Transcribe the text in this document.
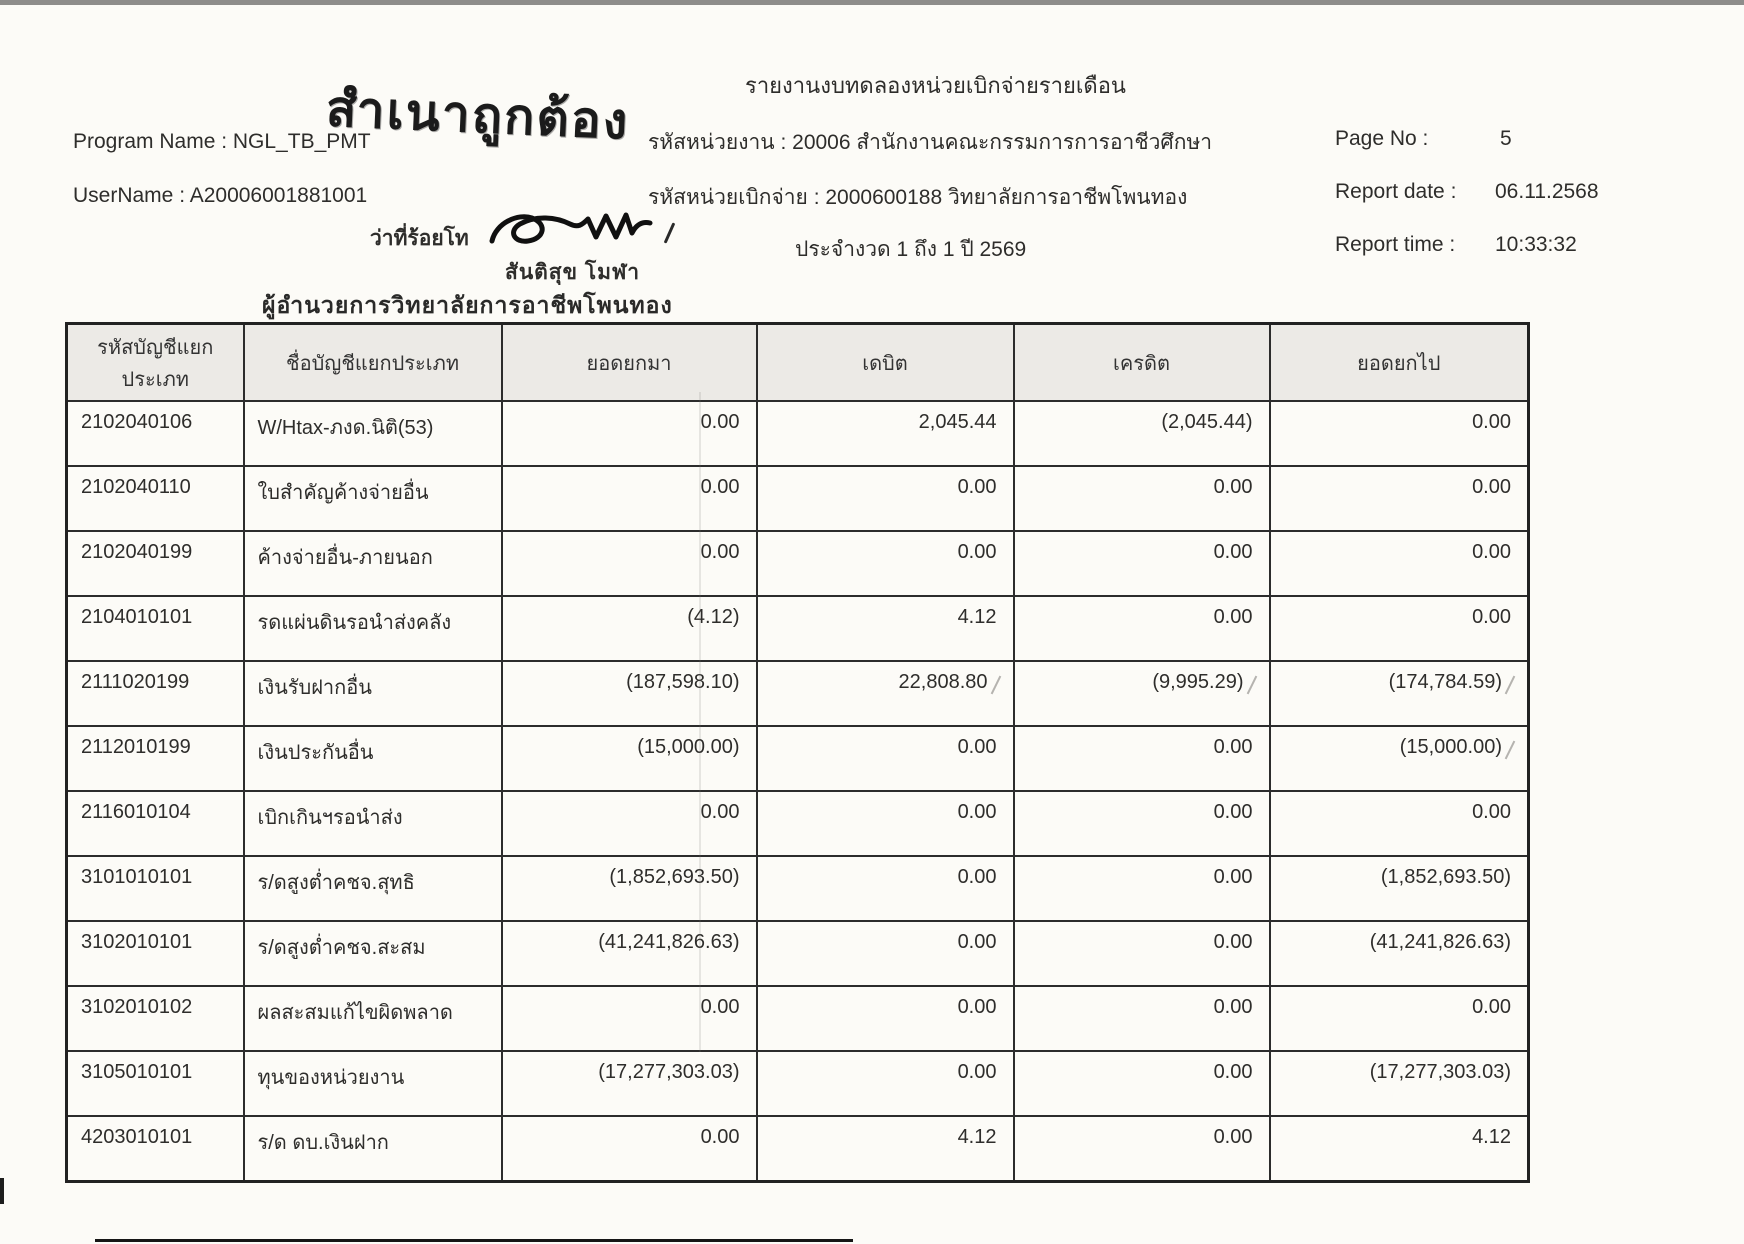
รายงานงบทดลองหน่วยเบิกจ่ายรายเดือน
สำเนาถูกต้อง
Program Name : NGL_TB_PMT
UserName : A20006001881001
รหัสหน่วยงาน : 20006 สำนักงานคณะกรรมการการอาชีวศึกษา
รหัสหน่วยเบิกจ่าย : 2000600188 วิทยาลัยการอาชีพโพนทอง
ประจำงวด 1 ถึง 1 ปี 2569
Page No :	5
Report date : 06.11.2568
Report time : 10:33:32
ว่าที่ร้อยโท
สันติสุข โมฬา
ผู้อำนวยการวิทยาลัยการอาชีพโพนทอง
รหัสบัญชีแยกประเภท	ชื่อบัญชีแยกประเภท	ยอดยกมา	เดบิต	เครดิต	ยอดยกไป
2102040106	W/Htax-ภงด.นิติ(53)	0.00	2,045.44	(2,045.44)	0.00
2102040110	ใบสำคัญค้างจ่ายอื่น	0.00	0.00	0.00	0.00
2102040199	ค้างจ่ายอื่น-ภายนอก	0.00	0.00	0.00	0.00
2104010101	รดแผ่นดินรอนำส่งคลัง	(4.12)	4.12	0.00	0.00
2111020199	เงินรับฝากอื่น	(187,598.10)	22,808.80	(9,995.29)	(174,784.59)
2112010199	เงินประกันอื่น	(15,000.00)	0.00	0.00	(15,000.00)
2116010104	เบิกเกินฯรอนำส่ง	0.00	0.00	0.00	0.00
3101010101	ร/ดสูงต่ำคชจ.สุทธิ	(1,852,693.50)	0.00	0.00	(1,852,693.50)
3102010101	ร/ดสูงต่ำคชจ.สะสม	(41,241,826.63)	0.00	0.00	(41,241,826.63)
3102010102	ผลสะสมแก้ไขผิดพลาด	0.00	0.00	0.00	0.00
3105010101	ทุนของหน่วยงาน	(17,277,303.03)	0.00	0.00	(17,277,303.03)
4203010101	ร/ด ดบ.เงินฝาก	0.00	4.12	0.00	4.12
